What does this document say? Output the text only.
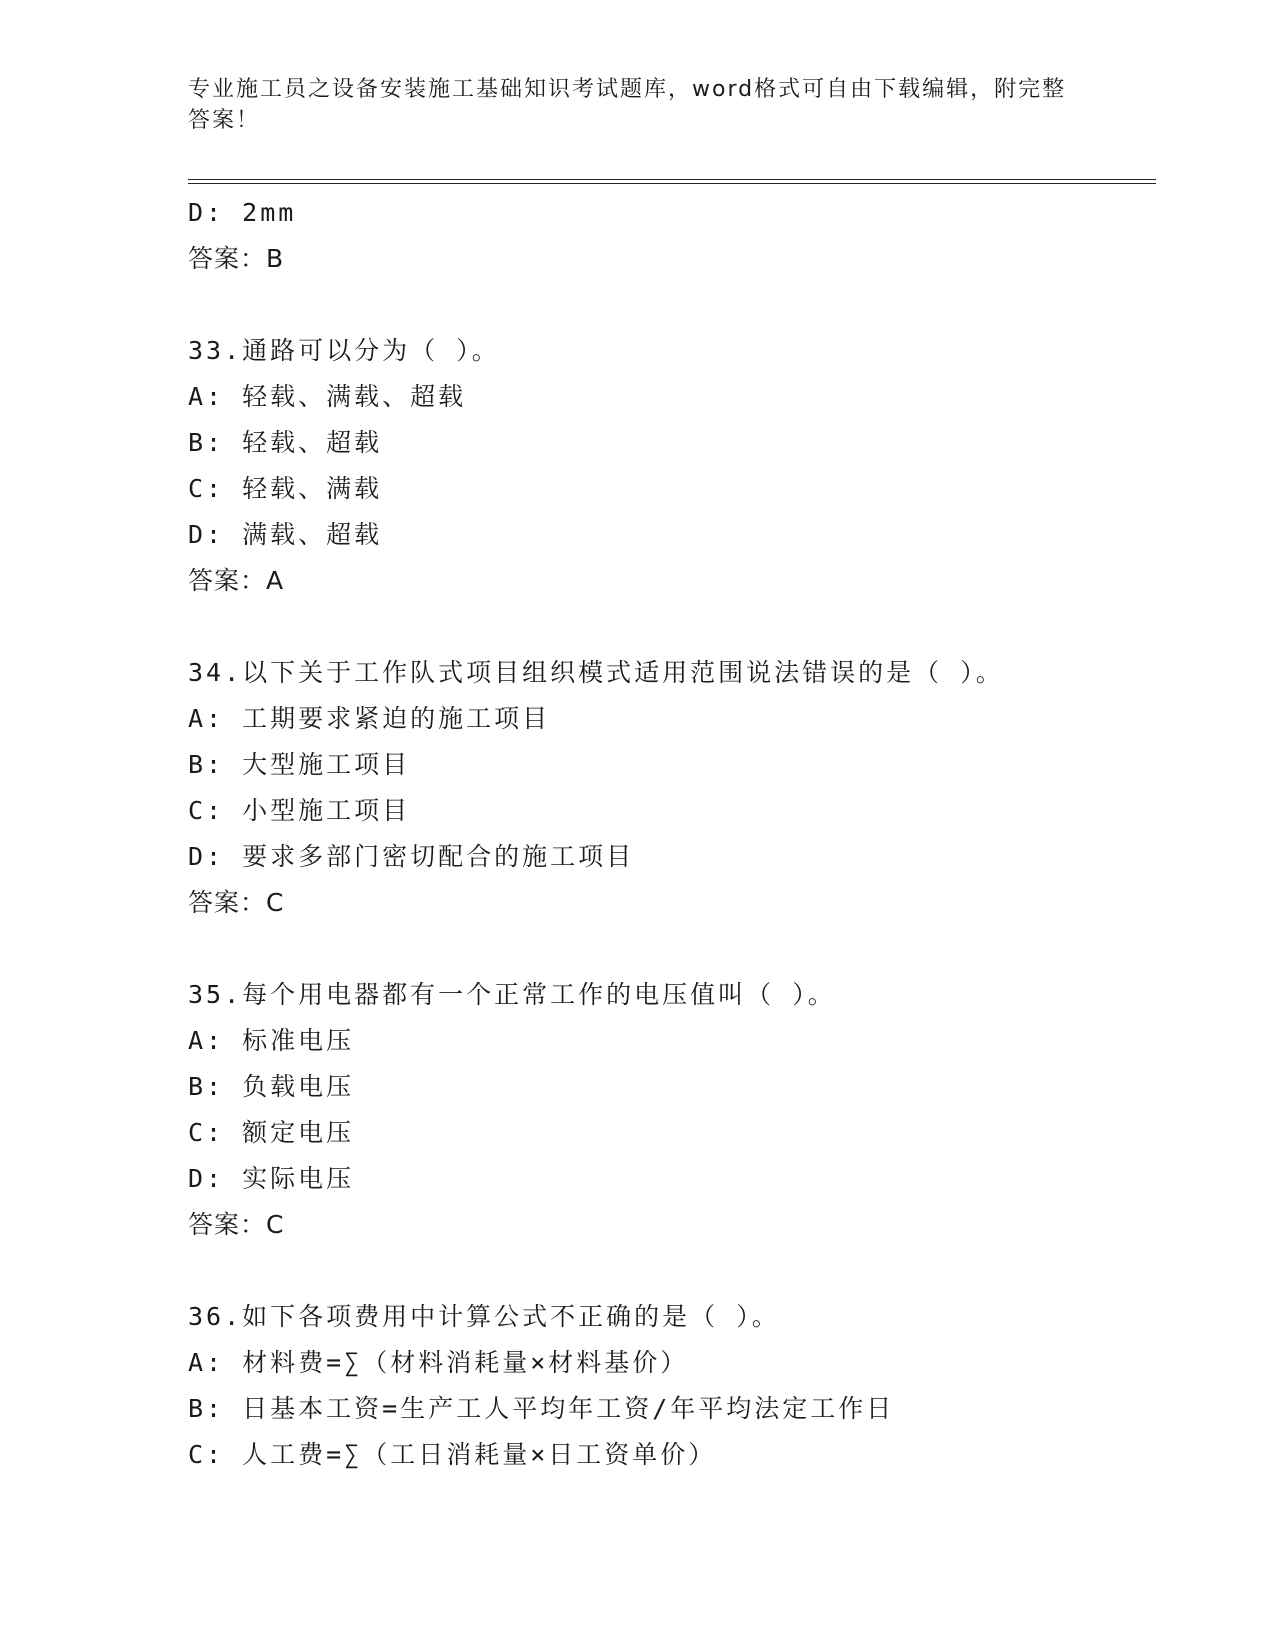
专业施工员之设备安装施工基础知识考试题库，word格式可自由下载编辑，附完整答案！
D: 2mm
答案：B
33.通路可以分为（ ）。
A: 轻载、满载、超载
B: 轻载、超载
C: 轻载、满载
D: 满载、超载
答案：A
34.以下关于工作队式项目组织模式适用范围说法错误的是（ ）。
A: 工期要求紧迫的施工项目
B: 大型施工项目
C: 小型施工项目
D: 要求多部门密切配合的施工项目
答案：C
35.每个用电器都有一个正常工作的电压值叫（ ）。
A: 标准电压
B: 负载电压
C: 额定电压
D: 实际电压
答案：C
36.如下各项费用中计算公式不正确的是（ ）。
A: 材料费=∑（材料消耗量×材料基价）
B: 日基本工资=生产工人平均年工资/年平均法定工作日
C: 人工费=∑（工日消耗量×日工资单价）
